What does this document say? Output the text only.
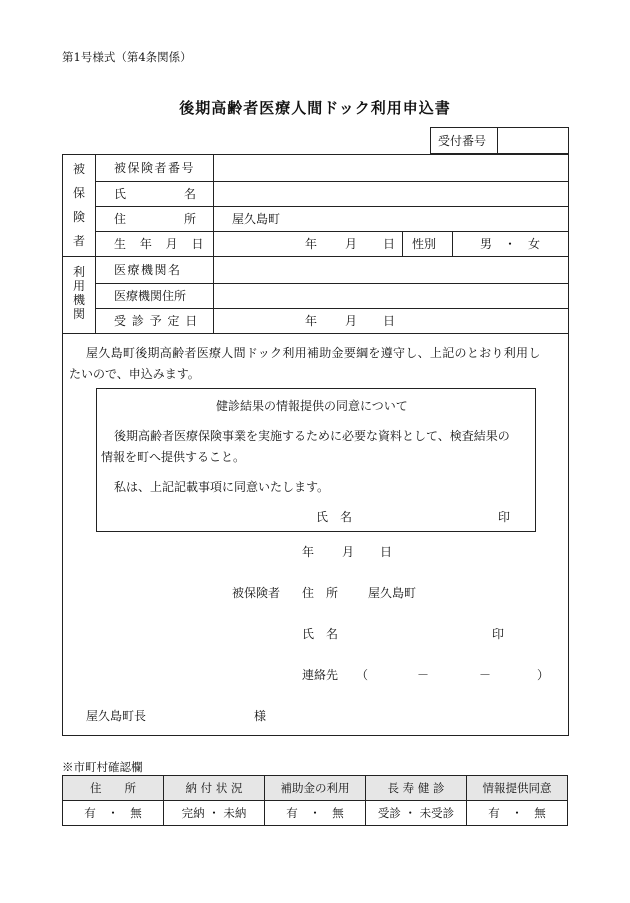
第1号様式（第4条関係）
後期高齢者医療人間ドック利用申込書
受付番号
被
保
険
者
被保険者番号
氏	名
住	所	屋久島町
生 年 月 日	年 月 日 性別	男　・　女
利
用
機
関
医療機関名
医療機関住所
受 診 予 定 日	年 月 日
屋久島町後期高齢者医療人間ドック利用補助金要綱を遵守し、上記のとおり利用し
たいので、申込みます。
健診結果の情報提供の同意について
後期高齢者医療保険事業を実施するために必要な資料として、検査結果の
情報を町へ提供すること。
私は、上記記載事項に同意いたします。
氏　名	印
年 月 日
被保険者 住　所 屋久島町
氏　名	印
連絡先 （	－	－	）
屋久島町長	様
※市町村確認欄
住　　所	納 付 状 況	補助金の利用	長 寿 健 診	情報提供同意
有　・　無	完納 ・ 未納	有　・　無	受診 ・ 未受診	有　・　無
